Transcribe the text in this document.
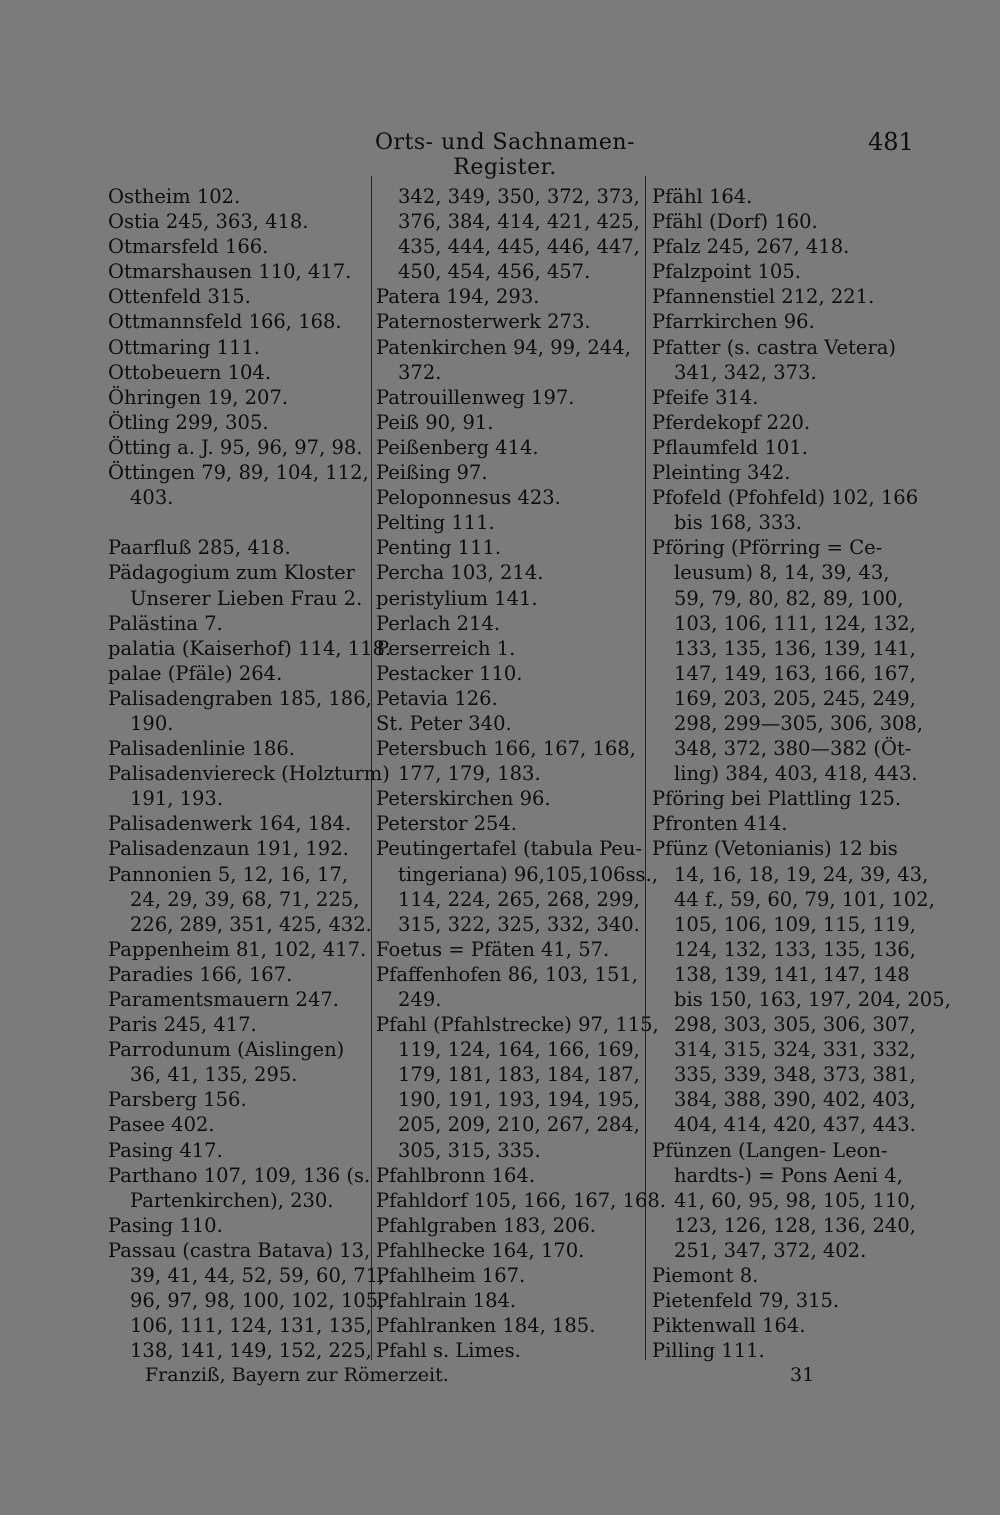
Orts- und Sachnamen-Register.
481
Ostheim 102.
Ostia 245, 363, 418.
Otmarsfeld 166.
Otmarshausen 110, 417.
Ottenfeld 315.
Ottmannsfeld 166, 168.
Ottmaring 111.
Ottobeuern 104.
Öhringen 19, 207.
Ötling 299, 305.
Ötting a. J. 95, 96, 97, 98.
Öttingen 79, 89, 104, 112,
403.
Paarfluß 285, 418.
Pädagogium zum Kloster
Unserer Lieben Frau 2.
Palästina 7.
palatia (Kaiserhof) 114, 118.
palae (Pfäle) 264.
Palisadengraben 185, 186,
190.
Palisadenlinie 186.
Palisadenviereck (Holzturm)
191, 193.
Palisadenwerk 164, 184.
Palisadenzaun 191, 192.
Pannonien 5, 12, 16, 17,
24, 29, 39, 68, 71, 225,
226, 289, 351, 425, 432.
Pappenheim 81, 102, 417.
Paradies 166, 167.
Paramentsmauern 247.
Paris 245, 417.
Parrodunum (Aislingen)
36, 41, 135, 295.
Parsberg 156.
Pasee 402.
Pasing 417.
Parthano 107, 109, 136 (s.
Partenkirchen), 230.
Pasing 110.
Passau (castra Batava) 13,
39, 41, 44, 52, 59, 60, 71,
96, 97, 98, 100, 102, 105,
106, 111, 124, 131, 135,
138, 141, 149, 152, 225,
342, 349, 350, 372, 373,
376, 384, 414, 421, 425,
435, 444, 445, 446, 447,
450, 454, 456, 457.
Patera 194, 293.
Paternosterwerk 273.
Patenkirchen 94, 99, 244,
372.
Patrouillenweg 197.
Peiß 90, 91.
Peißenberg 414.
Peißing 97.
Peloponnesus 423.
Pelting 111.
Penting 111.
Percha 103, 214.
peristylium 141.
Perlach 214.
Perserreich 1.
Pestacker 110.
Petavia 126.
St. Peter 340.
Petersbuch 166, 167, 168,
177, 179, 183.
Peterskirchen 96.
Peterstor 254.
Peutingertafel (tabula Peu-
tingeriana) 96,105,106ss.,
114, 224, 265, 268, 299,
315, 322, 325, 332, 340.
Foetus = Pfäten 41, 57.
Pfaffenhofen 86, 103, 151,
249.
Pfahl (Pfahlstrecke) 97, 115,
119, 124, 164, 166, 169,
179, 181, 183, 184, 187,
190, 191, 193, 194, 195,
205, 209, 210, 267, 284,
305, 315, 335.
Pfahlbronn 164.
Pfahldorf 105, 166, 167, 168.
Pfahlgraben 183, 206.
Pfahlhecke 164, 170.
Pfahlheim 167.
Pfahlrain 184.
Pfahlranken 184, 185.
Pfahl s. Limes.
Pfähl 164.
Pfähl (Dorf) 160.
Pfalz 245, 267, 418.
Pfalzpoint 105.
Pfannenstiel 212, 221.
Pfarrkirchen 96.
Pfatter (s. castra Vetera)
341, 342, 373.
Pfeife 314.
Pferdekopf 220.
Pflaumfeld 101.
Pleinting 342.
Pfofeld (Pfohfeld) 102, 166
bis 168, 333.
Pföring (Pförring = Ce-
leusum) 8, 14, 39, 43,
59, 79, 80, 82, 89, 100,
103, 106, 111, 124, 132,
133, 135, 136, 139, 141,
147, 149, 163, 166, 167,
169, 203, 205, 245, 249,
298, 299—305, 306, 308,
348, 372, 380—382 (Öt-
ling) 384, 403, 418, 443.
Pföring bei Plattling 125.
Pfronten 414.
Pfünz (Vetonianis) 12 bis
14, 16, 18, 19, 24, 39, 43,
44 f., 59, 60, 79, 101, 102,
105, 106, 109, 115, 119,
124, 132, 133, 135, 136,
138, 139, 141, 147, 148
bis 150, 163, 197, 204, 205,
298, 303, 305, 306, 307,
314, 315, 324, 331, 332,
335, 339, 348, 373, 381,
384, 388, 390, 402, 403,
404, 414, 420, 437, 443.
Pfünzen (Langen- Leon-
hardts-) = Pons Aeni 4,
41, 60, 95, 98, 105, 110,
123, 126, 128, 136, 240,
251, 347, 372, 402.
Piemont 8.
Pietenfeld 79, 315.
Piktenwall 164.
Pilling 111.
Franziß, Bayern zur Römerzeit.	31
